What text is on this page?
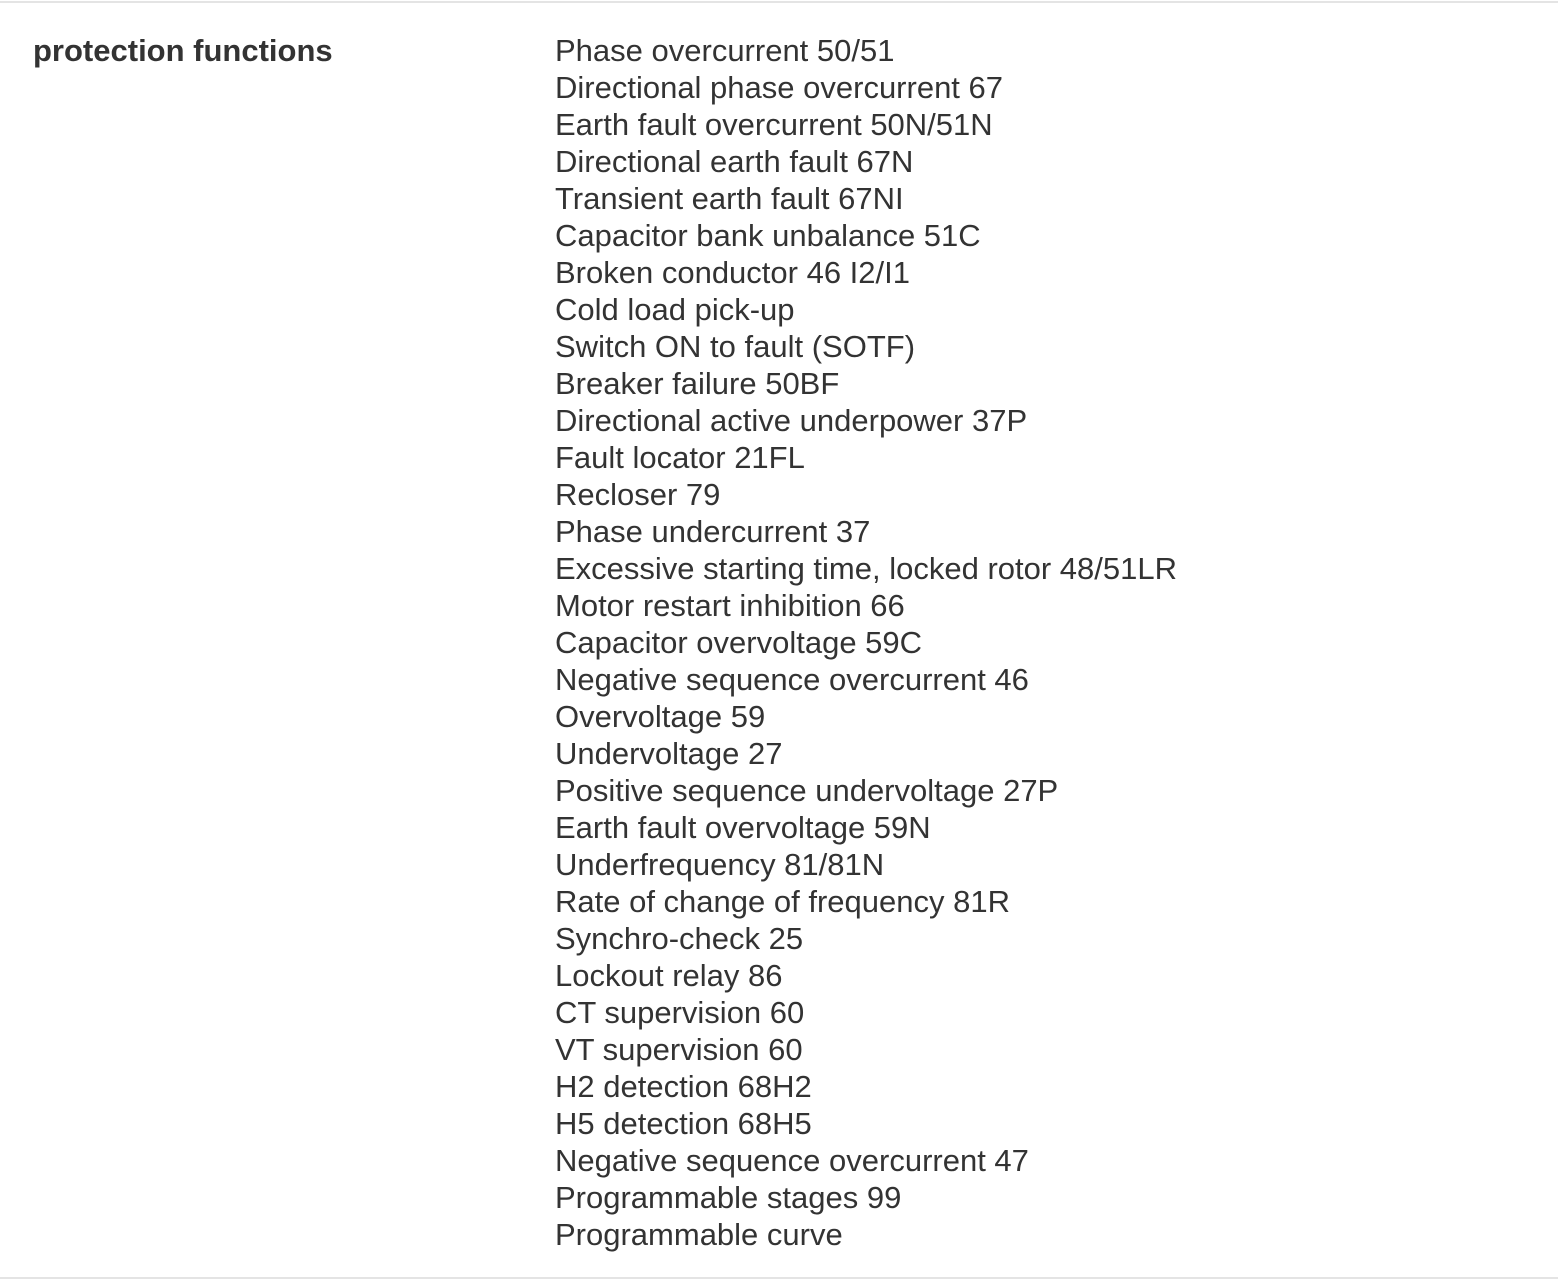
protection functions	Phase overcurrent 50/51
Directional phase overcurrent 67
Earth fault overcurrent 50N/51N
Directional earth fault 67N
Transient earth fault 67NI
Capacitor bank unbalance 51C
Broken conductor 46 I2/I1
Cold load pick-up
Switch ON to fault (SOTF)
Breaker failure 50BF
Directional active underpower 37P
Fault locator 21FL
Recloser 79
Phase undercurrent 37
Excessive starting time, locked rotor 48/51LR
Motor restart inhibition 66
Capacitor overvoltage 59C
Negative sequence overcurrent 46
Overvoltage 59
Undervoltage 27
Positive sequence undervoltage 27P
Earth fault overvoltage 59N
Underfrequency 81/81N
Rate of change of frequency 81R
Synchro-check 25
Lockout relay 86
CT supervision 60
VT supervision 60
H2 detection 68H2
H5 detection 68H5
Negative sequence overcurrent 47
Programmable stages 99
Programmable curve
